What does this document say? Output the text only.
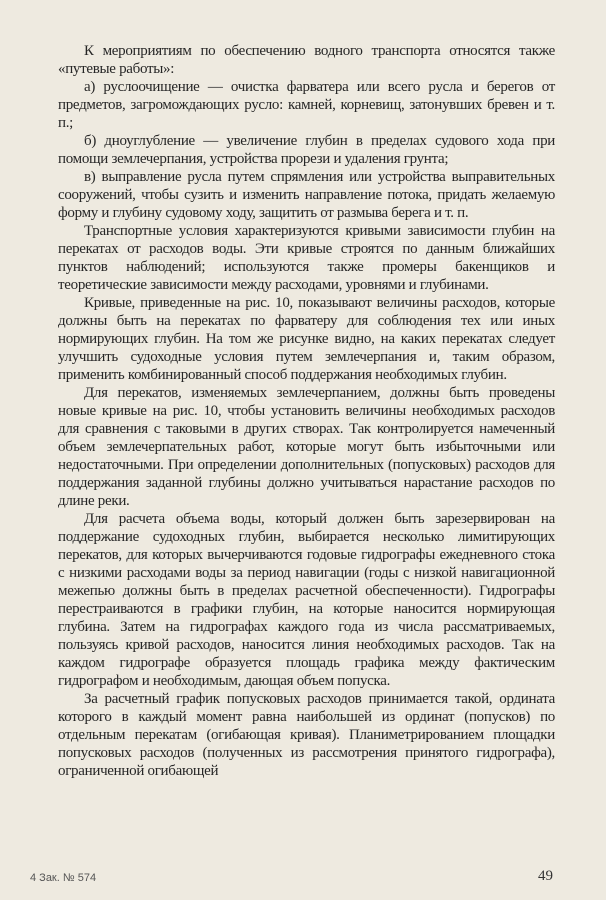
К мероприятиям по обеспечению водного транспорта относятся также «путевые работы»:

а) руслоочищение — очистка фарватера или всего русла и берегов от предметов, загромождающих русло: камней, корневищ, затонувших бревен и т. п.;

б) дноуглубление — увеличение глубин в пределах судового хода при помощи землечерпания, устройства прорези и удаления грунта;

в) выправление русла путем спрямления или устройства выправительных сооружений, чтобы сузить и изменить направление потока, придать желаемую форму и глубину судовому ходу, защитить от размыва берега и т. п.

Транспортные условия характеризуются кривыми зависимости глубин на перекатах от расходов воды. Эти кривые строятся по данным ближайших пунктов наблюдений; используются также промеры бакенщиков и теоретические зависимости между расходами, уровнями и глубинами.

Кривые, приведенные на рис. 10, показывают величины расходов, которые должны быть на перекатах по фарватеру для соблюдения тех или иных нормирующих глубин. На том же рисунке видно, на каких перекатах следует улучшить судоходные условия путем землечерпания и, таким образом, применить комбинированный способ поддержания необходимых глубин.

Для перекатов, изменяемых землечерпанием, должны быть проведены новые кривые на рис. 10, чтобы установить величины необходимых расходов для сравнения с таковыми в других створах. Так контролируется намеченный объем землечерпательных работ, которые могут быть избыточными или недостаточными. При определении дополнительных (попусковых) расходов для поддержания заданной глубины должно учитываться нарастание расходов по длине реки.

Для расчета объема воды, который должен быть зарезервирован на поддержание судоходных глубин, выбирается несколько лимитирующих перекатов, для которых вычерчиваются годовые гидрографы ежедневного стока с низкими расходами воды за период навигации (годы с низкой навигационной межепью должны быть в пределах расчетной обеспеченности). Гидрографы перестраиваются в графики глубин, на которые наносится нормирующая глубина. Затем на гидрографах каждого года из числа рассматриваемых, пользуясь кривой расходов, наносится линия необходимых расходов. Так на каждом гидрографе образуется площадь графика между фактическим гидрографом и необходимым, дающая объем попуска.

За расчетный график попусковых расходов принимается такой, ордината которого в каждый момент равна наибольшей из ординат (попусков) по отдельным перекатам (огибающая кривая). Планиметрированием площадки попусковых расходов (полученных из рассмотрения принятого гидрографа), ограниченной огибающей

4 Зак. № 574	49
